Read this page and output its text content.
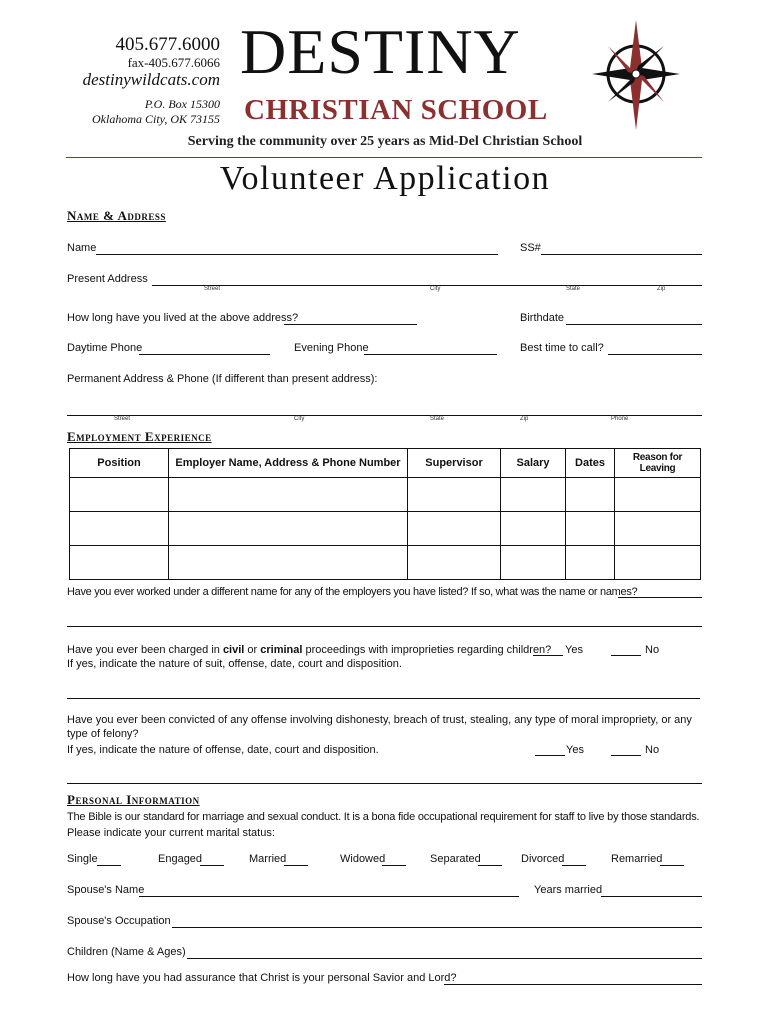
405.677.6000
fax-405.677.6066
destinywildcats.com
P.O. Box 15300
Oklahoma City, OK 73155
DESTINY
CHRISTIAN SCHOOL
Serving the community over 25 years as Mid-Del Christian School
Volunteer Application
Name & Address
Name	SS#
Present Address
Street	City	State	Zip
How long have you lived at the above address?	Birthdate
Daytime Phone	Evening Phone	Best time to call?
Permanent Address & Phone (If different than present address):
Street	City	State	Zip	Phone
Employment Experience
Position	Employer Name, Address & Phone Number	Supervisor	Salary	Dates	Reason for Leaving

Have you ever worked under a different name for any of the employers you have listed? If so, what was the name or names?
Have you ever been charged in civil or criminal proceedings with improprieties regarding children? Yes	No
If yes, indicate the nature of suit, offense, date, court and disposition.
Have you ever been convicted of any offense involving dishonesty, breach of trust, stealing, any type of moral impropriety, or any type of felony?
If yes, indicate the nature of offense, date, court and disposition.	Yes	No
Personal Information
The Bible is our standard for marriage and sexual conduct. It is a bona fide occupational requirement for staff to live by those standards.
Please indicate your current marital status:
Single	Engaged	Married	Widowed	Separated	Divorced	Remarried
Spouse's Name	Years married
Spouse's Occupation
Children (Name & Ages)
How long have you had assurance that Christ is your personal Savior and Lord?
